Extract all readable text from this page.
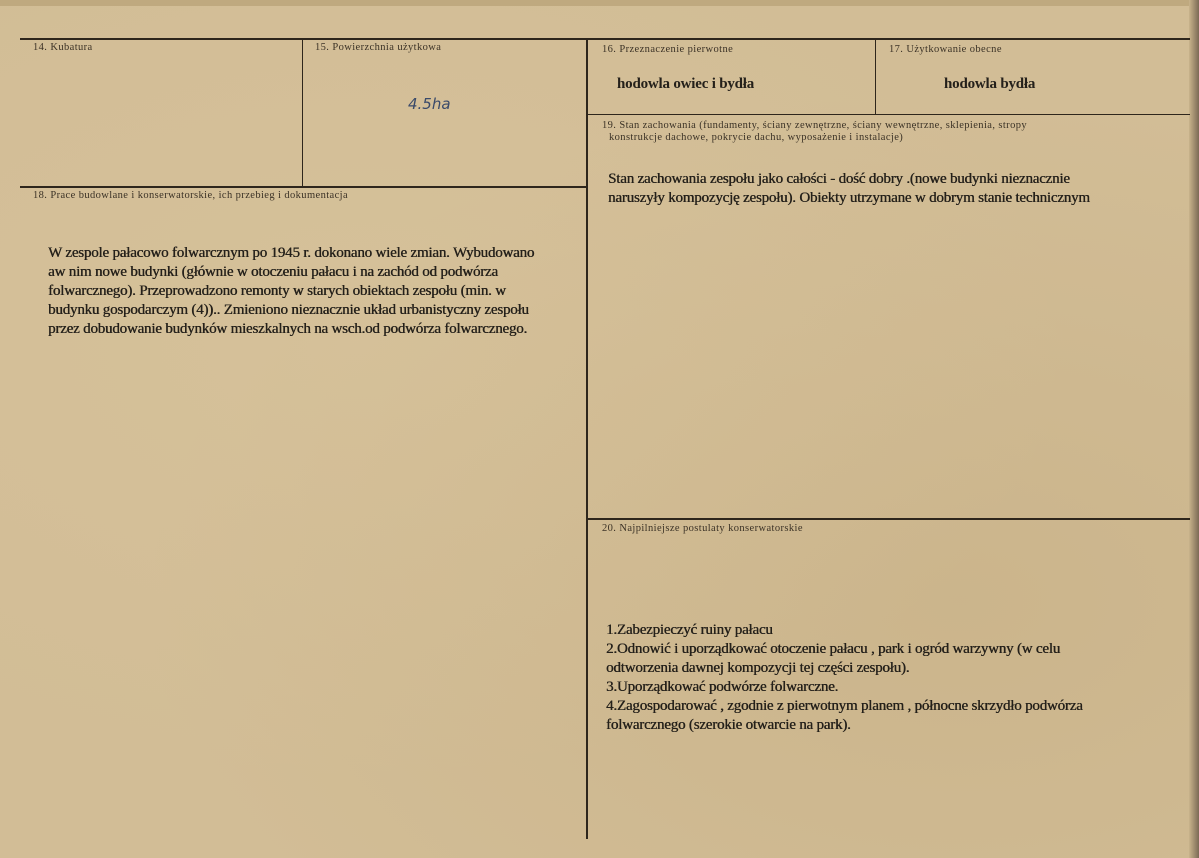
14. Kubatura	15. Powierzchnia użytkowa
4.5ha
16. Przeznaczenie pierwotne
hodowla owiec i bydła
17. Użytkowanie obecne
hodowla bydła
18. Prace budowlane i konserwatorskie, ich przebieg i dokumentacja
W zespole pałacowo folwarcznym po 1945 r. dokonano wiele zmian. Wybudowano
aw nim nowe budynki (głównie w otoczeniu pałacu i na zachód od podwórza
folwarcznego). Przeprowadzono remonty w starych obiektach zespołu (min. w
budynku gospodarczym (4)).. Zmieniono nieznacznie układ urbanistyczny zespołu
przez dobudowanie budynków mieszkalnych na wsch.od podwórza folwarcznego.
19. Stan zachowania (fundamenty, ściany zewnętrzne, ściany wewnętrzne, sklepienia, stropy
konstrukcje dachowe, pokrycie dachu, wyposażenie i instalacje)
Stan zachowania zespołu jako całości - dość dobry .(nowe budynki nieznacznie
naruszyły kompozycję zespołu). Obiekty utrzymane w dobrym stanie technicznym
20. Najpilniejsze postulaty konserwatorskie
1.Zabezpieczyć ruiny pałacu
2.Odnowić i uporządkować otoczenie pałacu , park i ogród warzywny (w celu
odtworzenia dawnej kompozycji tej części zespołu).
3.Uporządkować podwórze folwarczne.
4.Zagospodarować , zgodnie z pierwotnym planem , północne skrzydło podwórza
folwarcznego (szerokie otwarcie na park).
